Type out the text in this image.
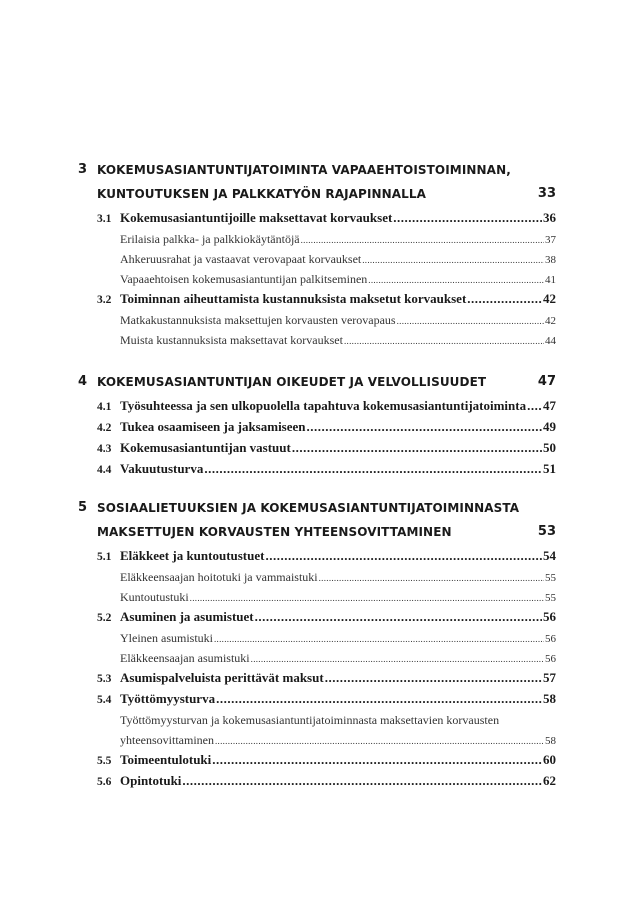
3 KOKEMUSASIANTUNTIJATOIMINTA VAPAAEHTOISTOIMINNAN,
KUNTOUTUKSEN JA PALKKATYÖN RAJAPINNALLA	33
3.1 Kokemusasiantuntijoille maksettavat korvaukset .....	36
Erilaisia palkka- ja palkkiokäytäntöjä .....	37
Ahkeruusrahat ja vastaavat verovapaat korvaukset .....	38
Vapaaehtoisen kokemusasiantuntijan palkitseminen .....	41
3.2 Toiminnan aiheuttamista kustannuksista maksetut korvaukset .....	42
Matkakustannuksista maksettujen korvausten verovapaus .....	42
Muista kustannuksista maksettavat korvaukset .....	44
4 KOKEMUSASIANTUNTIJAN OIKEUDET JA VELVOLLISUUDET	47
4.1 Työsuhteessa ja sen ulkopuolella tapahtuva kokemusasiantuntijatoiminta ..... 47
4.2 Tukea osaamiseen ja jaksamiseen .....	49
4.3 Kokemusasiantuntijan vastuut .....	50
4.4 Vakuutusturva .....	51
5 SOSIAALIETUUKSIEN JA KOKEMUSASIANTUNTIJATOIMINNASTA
MAKSETTUJEN KORVAUSTEN YHTEENSOVITTAMINEN	53
5.1 Eläkkeet ja kuntoutustuet .....	54
Eläkkeensaajan hoitotuki ja vammaistuki .....	55
Kuntoutustuki .....	55
5.2 Asuminen ja asumistuet .....	56
Yleinen asumistuki .....	56
Eläkkeensaajan asumistuki .....	56
5.3 Asumispalveluista perittävät maksut .....	57
5.4 Työttömyysturva .....	58
Työttömyysturvan ja kokemusasiantuntijatoiminnasta maksettavien korvausten
yhteensovittaminen .....	58
5.5 Toimeentulotuki .....	60
5.6 Opintotuki .....	62
